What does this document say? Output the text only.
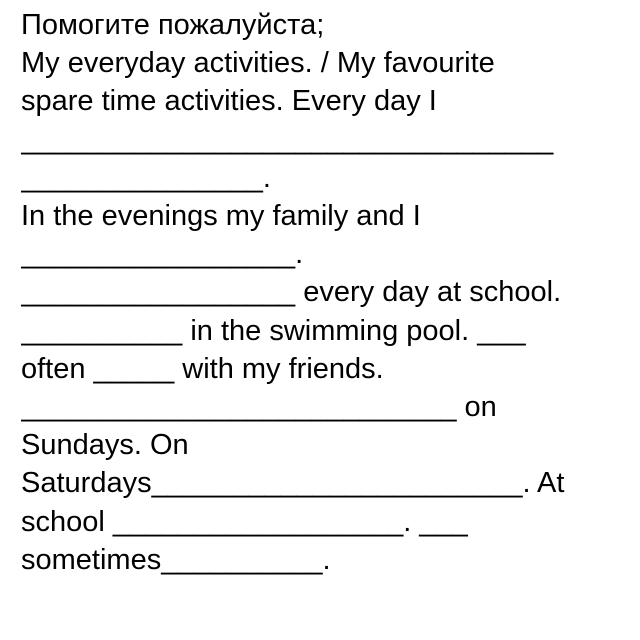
Помогите пожалуйста;
My everyday activities. / My favourite
spare time activities. Every day I
_________________________________
_______________.
In the evenings my family and I
_________________.
_________________ every day at school.
__________ in the swimming pool. ___
often _____ with my friends.
___________________________ on
Sundays. On
Saturdays_______________________. At
school __________________. ___
sometimes__________.
